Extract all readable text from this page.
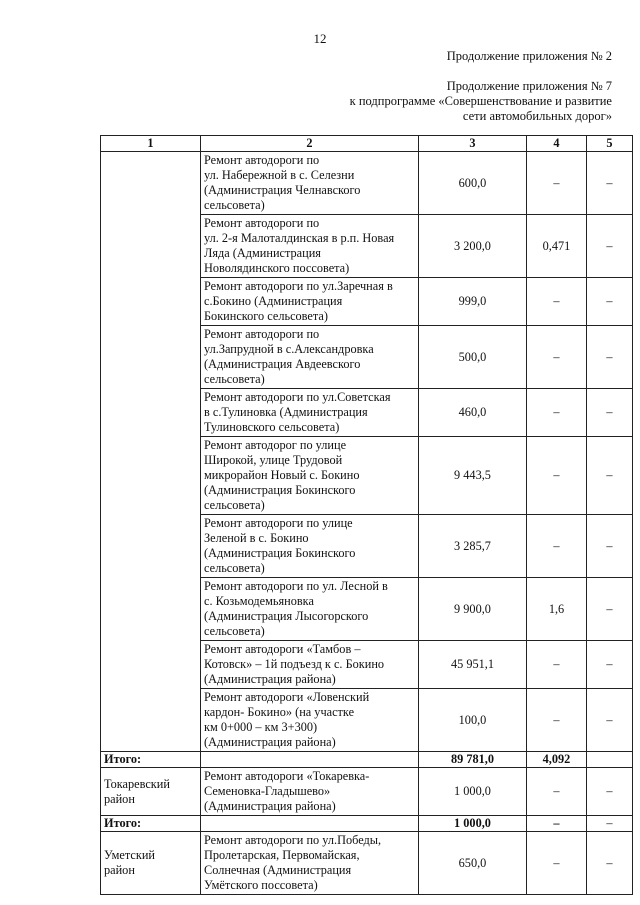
12
Продолжение приложения № 2
Продолжение приложения № 7
к подпрограмме «Совершенствование и развитие
сети автомобильных дорог»
1	2	3	4	5
	Ремонт автодороги по
ул. Набережной в с. Селезни
(Администрация Челнавского
сельсовета)	600,0	–	–
	Ремонт автодороги по
ул. 2-я Малоталдинская в р.п. Новая
Ляда (Администрация
Новолядинского поссовета)	3 200,0	0,471	–
	Ремонт автодороги по ул.Заречная в
с.Бокино (Администрация
Бокинского сельсовета)	999,0	–	–
	Ремонт автодороги по
ул.Запрудной в с.Александровка
(Администрация Авдеевского
сельсовета)	500,0	–	–
	Ремонт автодороги по ул.Советская
в с.Тулиновка (Администрация
Тулиновского сельсовета)	460,0	–	–
	Ремонт автодорог по улице
Широкой, улице Трудовой
микрорайон Новый с. Бокино
(Администрация Бокинского
сельсовета)	9 443,5	–	–
	Ремонт автодороги по улице
Зеленой в с. Бокино
(Администрация Бокинского
сельсовета)	3 285,7	–	–
	Ремонт автодороги по ул. Лесной в
с. Козьмодемьяновка
(Администрация Лысогорского
сельсовета)	9 900,0	1,6	–
	Ремонт автодороги «Тамбов –
Котовск» – 1й подъезд к с. Бокино
(Администрация района)	45 951,1	–	–
	Ремонт автодороги «Ловенский
кардон- Бокино» (на участке
км 0+000 – км 3+300)
(Администрация района)	100,0	–	–
Итого:		89 781,0	4,092	
Токаревский
район	Ремонт автодороги «Токаревка-
Семеновка-Гладышево»
(Администрация района)	1 000,0	–	–
Итого:		1 000,0	–	–
Уметский
район	Ремонт автодороги по ул.Победы,
Пролетарская, Первомайская,
Солнечная (Администрация
Умётского поссовета)	650,0	–	–
